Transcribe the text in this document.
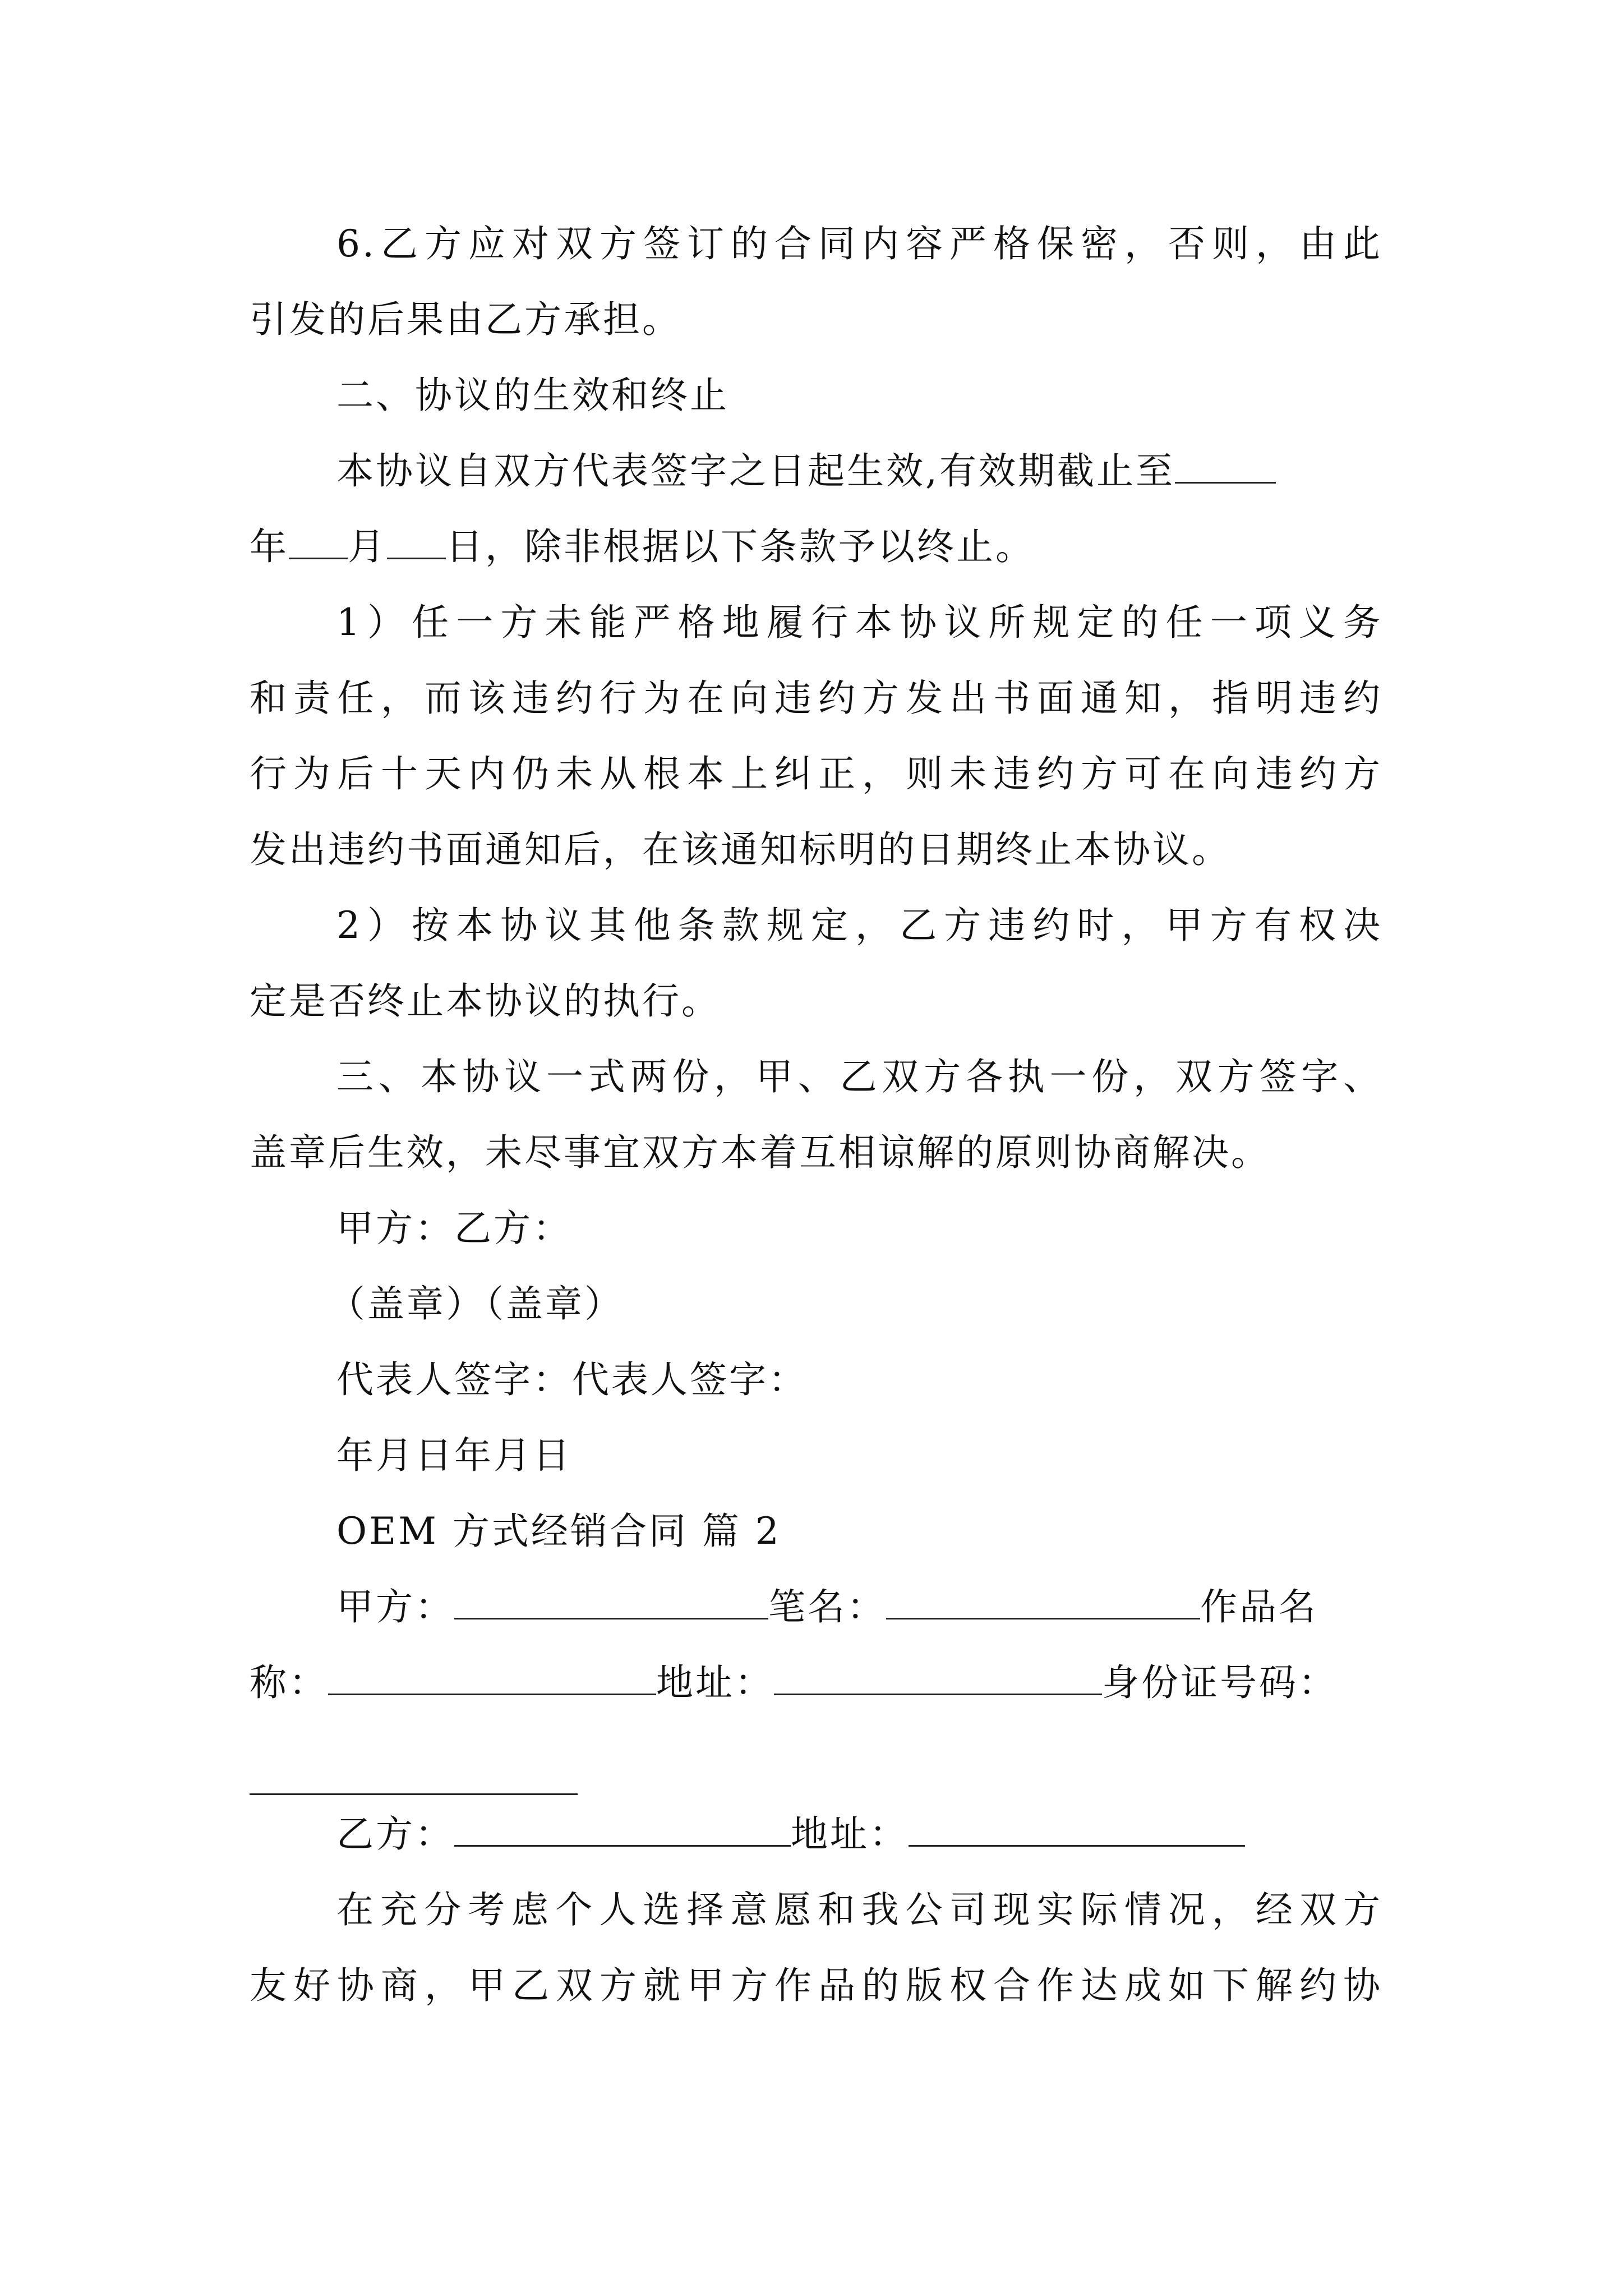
6.乙方应对双方签订的合同内容严格保密，否则，由此
引发的后果由乙方承担。
二、协议的生效和终止
本协议自双方代表签字之日起生效,有效期截止至
年 月 日，除非根据以下条款予以终止。
1）任一方未能严格地履行本协议所规定的任一项义务
和责任，而该违约行为在向违约方发出书面通知，指明违约
行为后十天内仍未从根本上纠正，则未违约方可在向违约方
发出违约书面通知后，在该通知标明的日期终止本协议。
2）按本协议其他条款规定，乙方违约时，甲方有权决
定是否终止本协议的执行。
三、本协议一式两份，甲、乙双方各执一份，双方签字、
盖章后生效，未尽事宜双方本着互相谅解的原则协商解决。
甲方：乙方：
（盖章）（盖章）
代表人签字：代表人签字：
年月日年月日
OEM 方式经销合同 篇 2
甲方：	笔名：	作品名
称：	地址：	身份证号码：
乙方：	地址：
在充分考虑个人选择意愿和我公司现实际情况，经双方
友好协商，甲乙双方就甲方作品的版权合作达成如下解约协
